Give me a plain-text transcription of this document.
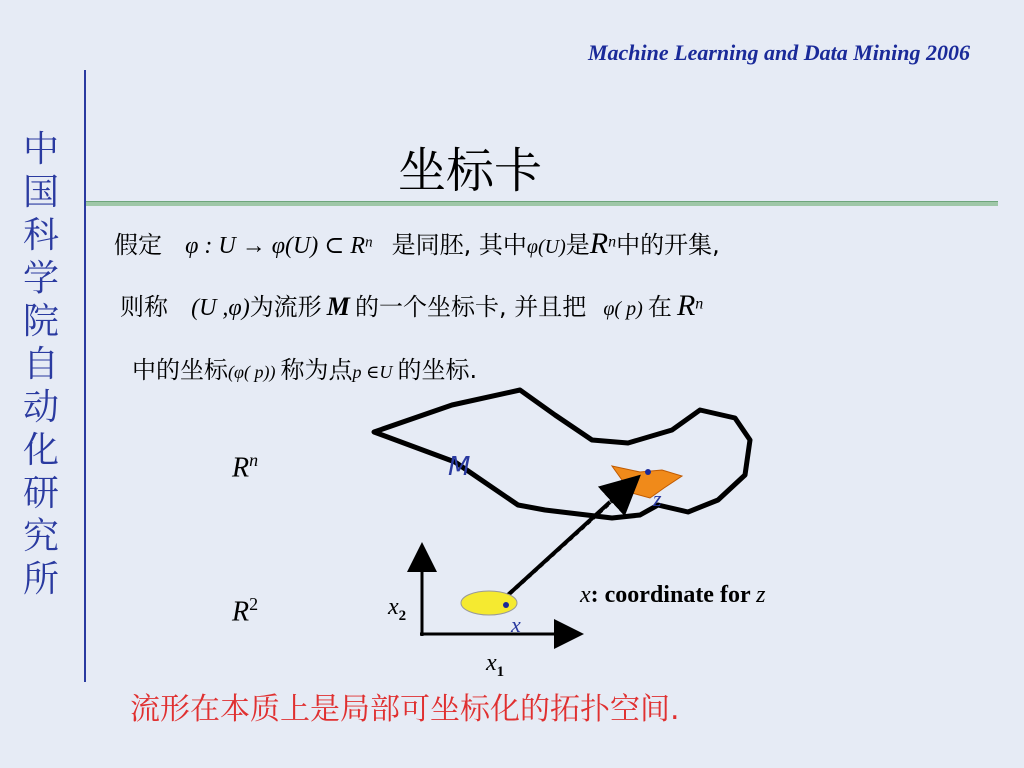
Machine Learning and Data Mining 2006
中
国
科
学
院
自
动
化
研
究
所
坐标卡
假定 φ : U → φ(U) ⊂ $R^n$ 是同胚, 其中φ(U)是$R^n$中的开集,
则称 (U ,φ)为流形 M 的一个坐标卡, 并且把 φ( p) 在 $R^n$
中的坐标(φ( p)) 称为点p ∈U 的坐标.
$R^n$
$R^2$
M
z
x
$x_2$
$x_1$
x: coordinate for z
流形在本质上是局部可坐标化的拓扑空间.
